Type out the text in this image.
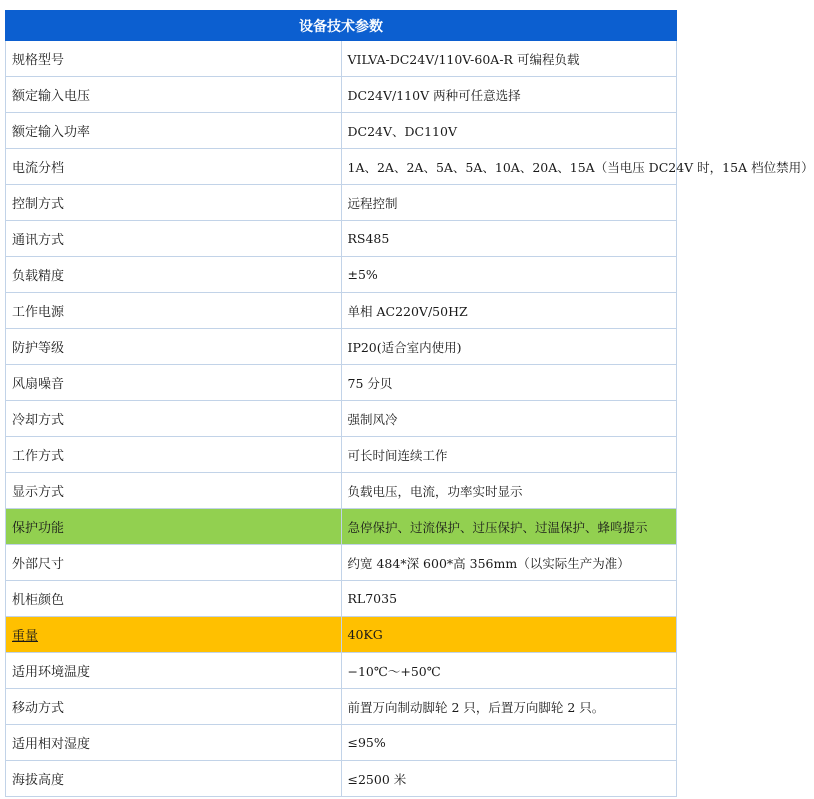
设备技术参数	
规格型号	VILVA-DC24V/110V-60A-R 可编程负载
额定输入电压	DC24V/110V 两种可任意选择
额定输入功率	DC24V、DC110V
电流分档	1A、2A、2A、5A、5A、10A、20A、15A（当电压 DC24V 时，15A 档位禁用）
控制方式	远程控制
通讯方式	RS485
负载精度	±5%
工作电源	单相 AC220V/50HZ
防护等级	IP20(适合室内使用)
风扇噪音	75 分贝
冷却方式	强制风冷
工作方式	可长时间连续工作
显示方式	负载电压，电流，功率实时显示
保护功能	急停保护、过流保护、过压保护、过温保护、蜂鸣提示
外部尺寸	约宽 484*深 600*高 356mm（以实际生产为准）
机柜颜色	RL7035
重量	40KG
适用环境温度	−10℃～+50℃
移动方式	前置万向制动脚轮 2 只，后置万向脚轮 2 只。
适用相对湿度	≤95%
海拔高度	≤2500 米
